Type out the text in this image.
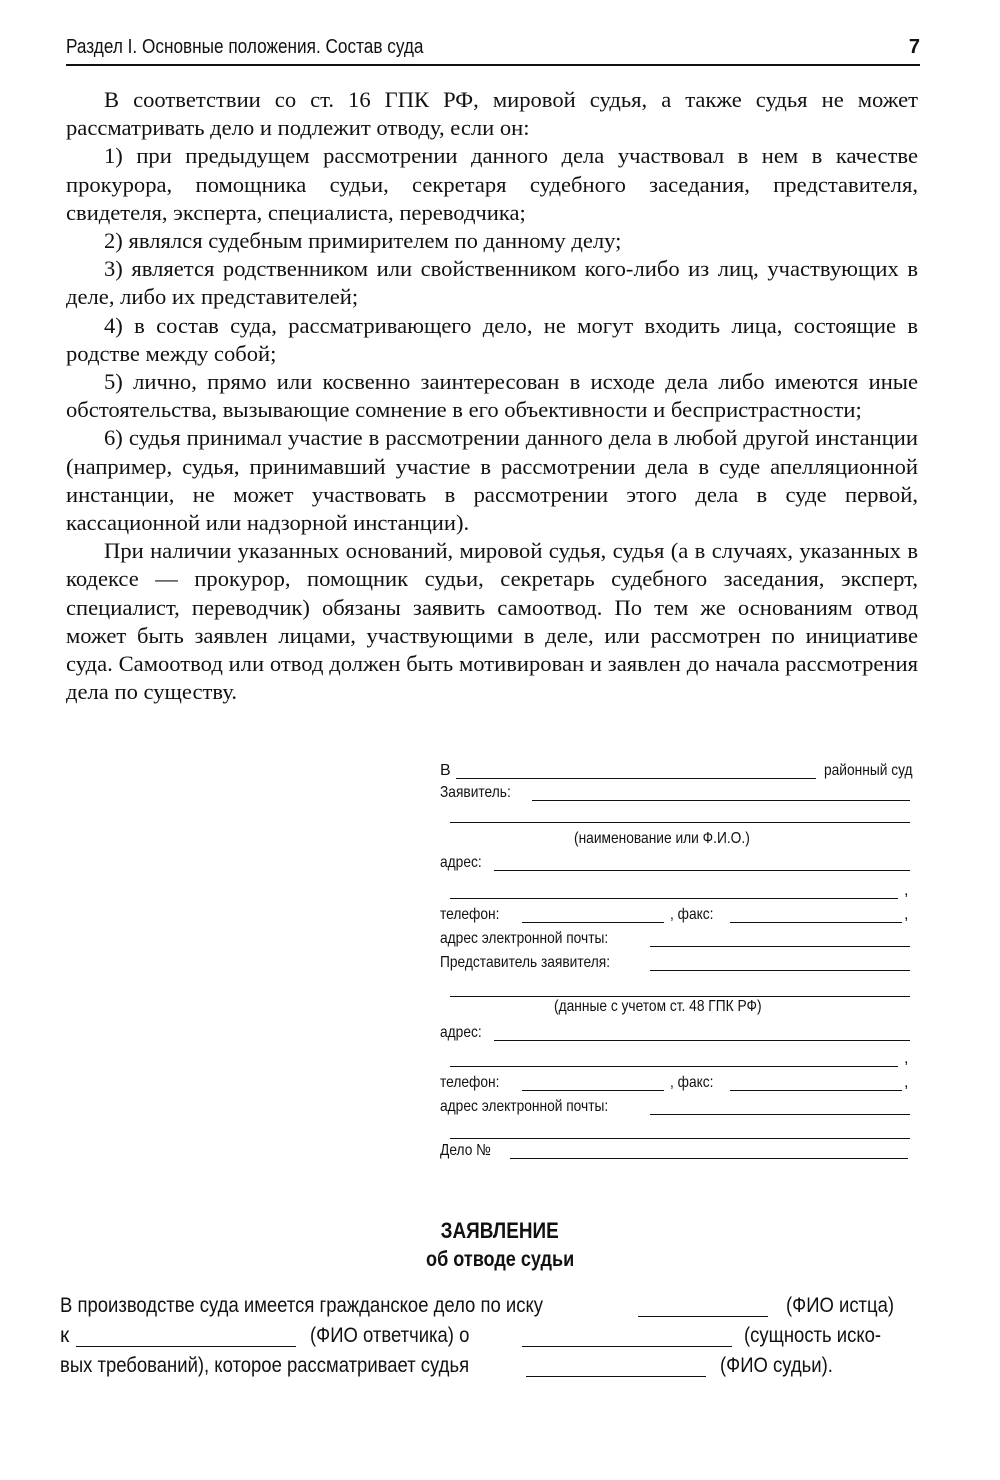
Раздел I. Основные положения. Состав суда	7

В соответствии со ст. 16 ГПК РФ, мировой судья, а также судья не может рассматривать дело и подлежит отводу, если он:

1) при предыдущем рассмотрении данного дела участвовал в нем в качестве прокурора, помощника судьи, секретаря судебного заседания, представителя, свидетеля, эксперта, специалиста, переводчика;

2) являлся судебным примирителем по данному делу;

3) является родственником или свойственником кого-либо из лиц, участвующих в деле, либо их представителей;

4) в состав суда, рассматривающего дело, не могут входить лица, состоящие в родстве между собой;

5) лично, прямо или косвенно заинтересован в исходе дела либо имеются иные обстоятельства, вызывающие сомнение в его объективности и беспристрастности;

6) судья принимал участие в рассмотрении данного дела в любой другой инстанции (например, судья, принимавший участие в рассмотрении дела в суде апелляционной инстанции, не может участвовать в рассмотрении этого дела в суде первой, кассационной или надзорной инстанции).

При наличии указанных оснований, мировой судья, судья (а в случаях, указанных в кодексе — прокурор, помощник судьи, секретарь судебного заседания, эксперт, специалист, переводчик) обязаны заявить самоотвод. По тем же основаниям отвод может быть заявлен лицами, участвующими в деле, или рассмотрен по инициативе суда. Самоотвод или отвод должен быть мотивирован и заявлен до начала рассмотрения дела по существу.

В	районный суд
Заявитель:
(наименование или Ф.И.О.)
адрес:
,
телефон:	, факс:	,
адрес электронной почты:
Представитель заявителя:
(данные с учетом ст. 48 ГПК РФ)
адрес:
,
телефон:	, факс:	,
адрес электронной почты:
Дело №
ЗАЯВЛЕНИЕ
об отводе судьи
В производстве суда имеется гражданское дело по иску	(ФИО истца)
к	(ФИО ответчика) о	(сущность иско-
вых требований), которое рассматривает судья	(ФИО судьи).
